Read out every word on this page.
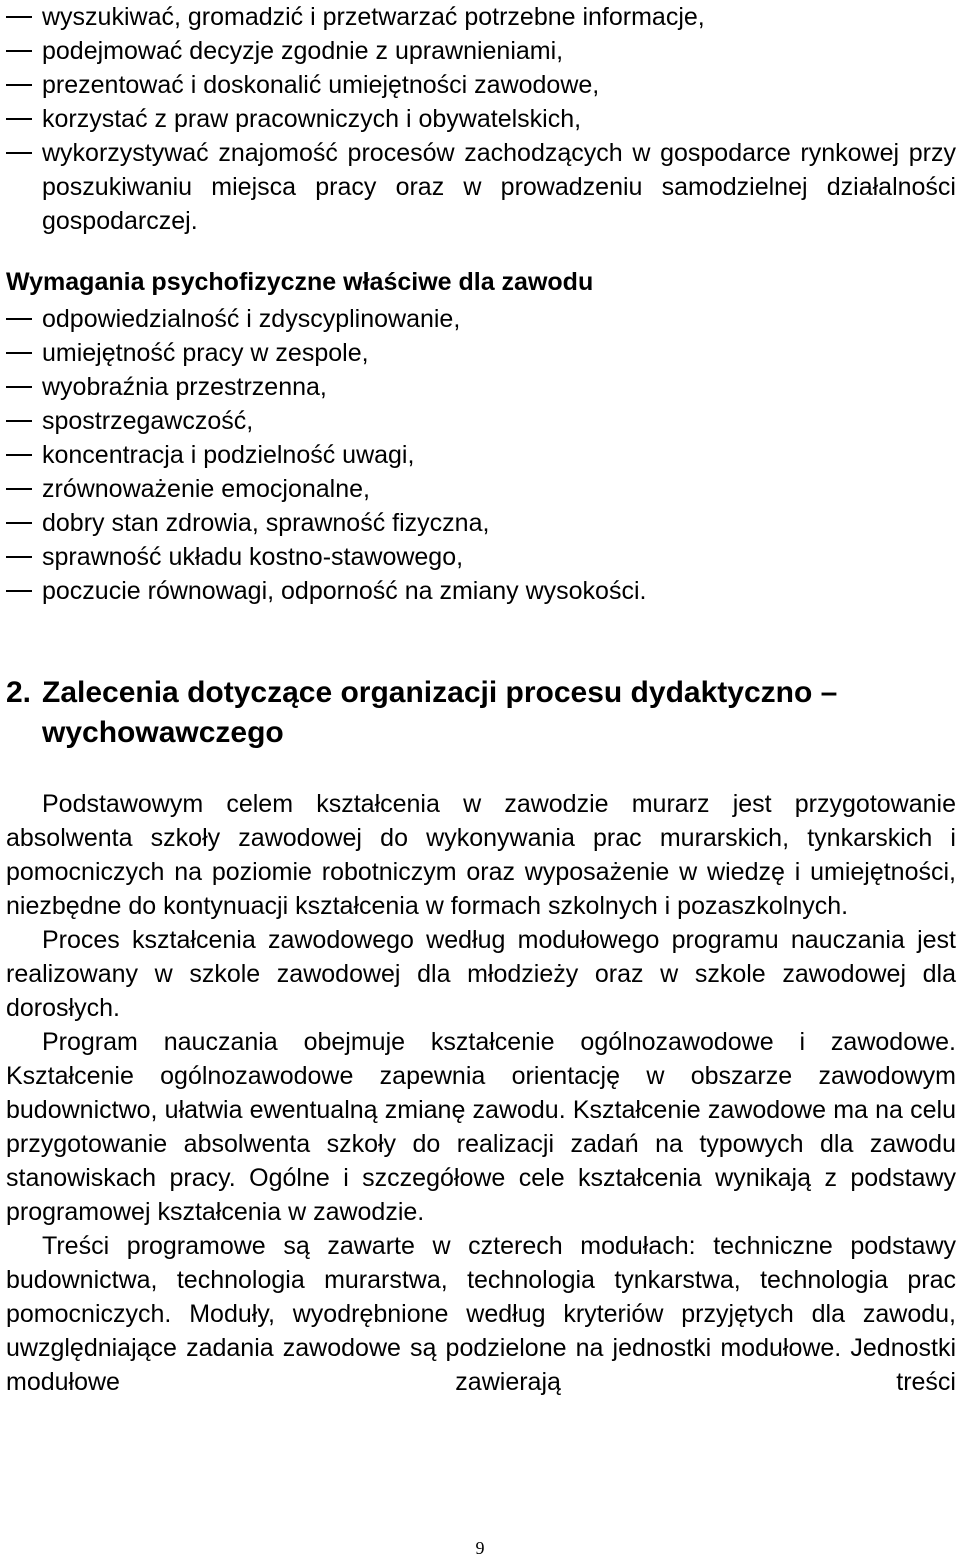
wyszukiwać, gromadzić i przetwarzać potrzebne informacje,
podejmować decyzje zgodnie z uprawnieniami,
prezentować i doskonalić umiejętności zawodowe,
korzystać z praw pracowniczych i obywatelskich,
wykorzystywać znajomość procesów zachodzących w gospodarce rynkowej przy poszukiwaniu miejsca pracy oraz w prowadzeniu samodzielnej działalności gospodarczej.
Wymagania psychofizyczne właściwe dla zawodu
odpowiedzialność i zdyscyplinowanie,
umiejętność pracy w zespole,
wyobraźnia przestrzenna,
spostrzegawczość,
koncentracja i podzielność uwagi,
zrównoważenie emocjonalne,
dobry stan zdrowia, sprawność fizyczna,
sprawność układu kostno-stawowego,
poczucie równowagi, odporność na zmiany wysokości.
2. Zalecenia dotyczące organizacji procesu dydaktyczno –
wychowawczego

Podstawowym celem kształcenia w zawodzie murarz jest przygotowanie absolwenta szkoły zawodowej do wykonywania prac murarskich, tynkarskich i pomocniczych na poziomie robotniczym oraz wyposażenie w wiedzę i umiejętności, niezbędne do kontynuacji kształcenia w formach szkolnych i pozaszkolnych.

Proces kształcenia zawodowego według modułowego programu nauczania jest realizowany w szkole zawodowej dla młodzieży oraz w szkole zawodowej dla dorosłych.

Program nauczania obejmuje kształcenie ogólnozawodowe i zawodowe. Kształcenie ogólnozawodowe zapewnia orientację w obszarze zawodowym budownictwo, ułatwia ewentualną zmianę zawodu. Kształcenie zawodowe ma na celu przygotowanie absolwenta szkoły do realizacji zadań na typowych dla zawodu stanowiskach pracy. Ogólne i szczegółowe cele kształcenia wynikają z podstawy programowej kształcenia w zawodzie.

Treści programowe są zawarte w czterech modułach: techniczne podstawy budownictwa, technologia murarstwa, technologia tynkarstwa, technologia prac pomocniczych. Moduły, wyodrębnione według kryteriów przyjętych dla zawodu, uwzględniające zadania zawodowe są podzielone na jednostki modułowe. Jednostki modułowe zawierają treści

9
